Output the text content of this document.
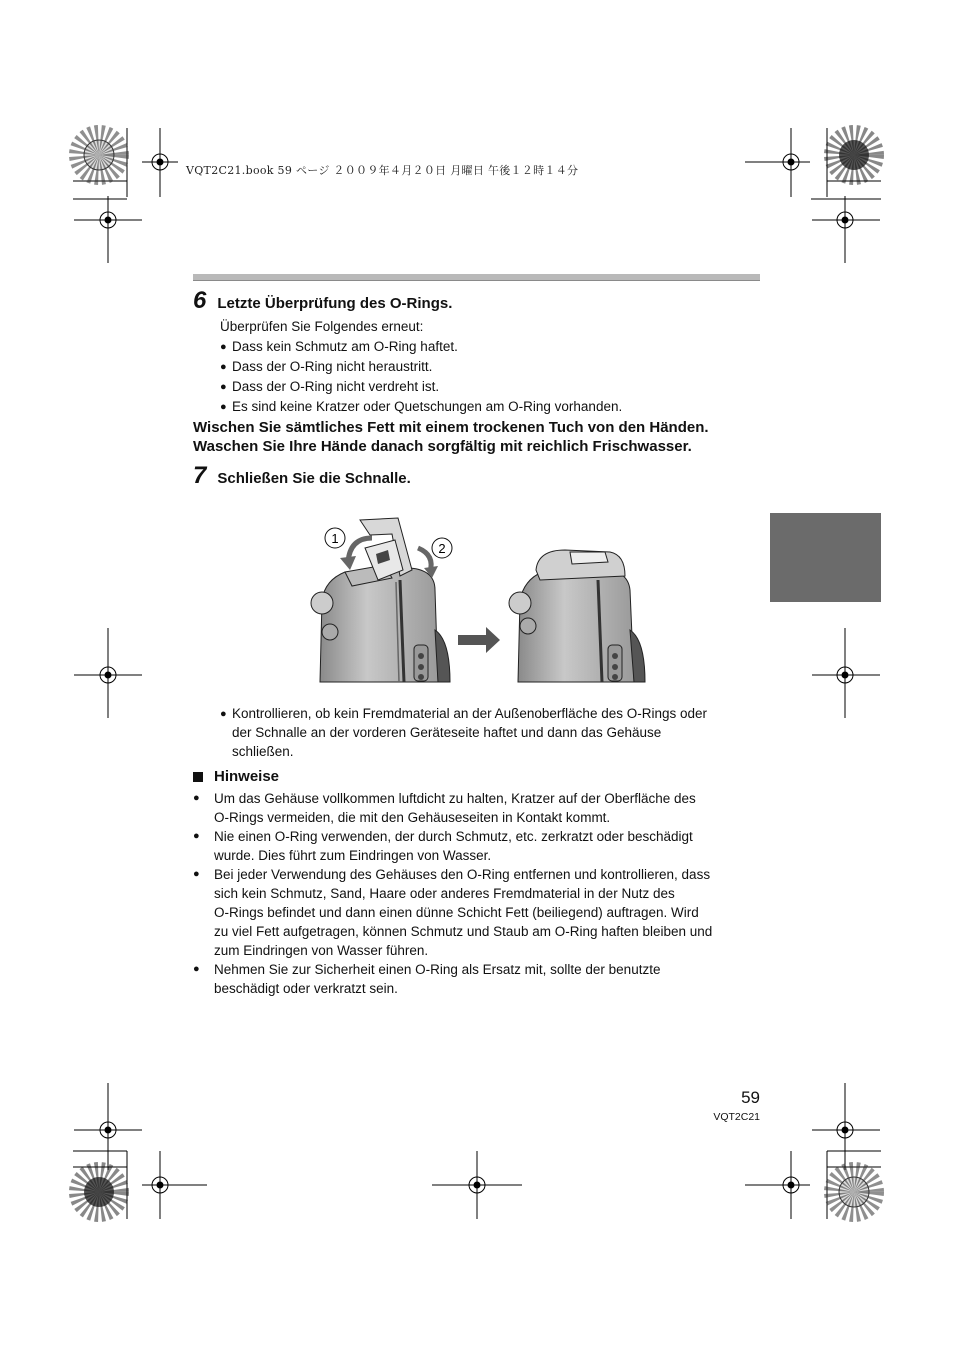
VQT2C21.book 59 ページ ２００９年４月２０日 月曜日 午後１２時１４分
6 Letzte Überprüfung des O-Rings.
Überprüfen Sie Folgendes erneut:
● Dass kein Schmutz am O-Ring haftet.
● Dass der O-Ring nicht heraustritt.
● Dass der O-Ring nicht verdreht ist.
● Es sind keine Kratzer oder Quetschungen am O-Ring vorhanden.
Wischen Sie sämtliches Fett mit einem trockenen Tuch von den Händen.
Waschen Sie Ihre Hände danach sorgfältig mit reichlich Frischwasser.
7 Schließen Sie die Schnalle.
1
2
● Kontrollieren, ob kein Fremdmaterial an der Außenoberfläche des O-Rings oder
der Schnalle an der vorderen Geräteseite haftet und dann das Gehäuse
schließen.
Hinweise
●	Um das Gehäuse vollkommen luftdicht zu halten, Kratzer auf der Oberfläche des
O-Rings vermeiden, die mit den Gehäuseseiten in Kontakt kommt.
●	Nie einen O-Ring verwenden, der durch Schmutz, etc. zerkratzt oder beschädigt
wurde. Dies führt zum Eindringen von Wasser.
●	Bei jeder Verwendung des Gehäuses den O-Ring entfernen und kontrollieren, dass
sich kein Schmutz, Sand, Haare oder anderes Fremdmaterial in der Nutz des
O-Rings befindet und dann einen dünne Schicht Fett (beiliegend) auftragen. Wird
zu viel Fett aufgetragen, können Schmutz und Staub am O-Ring haften bleiben und
zum Eindringen von Wasser führen.
●	Nehmen Sie zur Sicherheit einen O-Ring als Ersatz mit, sollte der benutzte
beschädigt oder verkratzt sein.
59
VQT2C21
